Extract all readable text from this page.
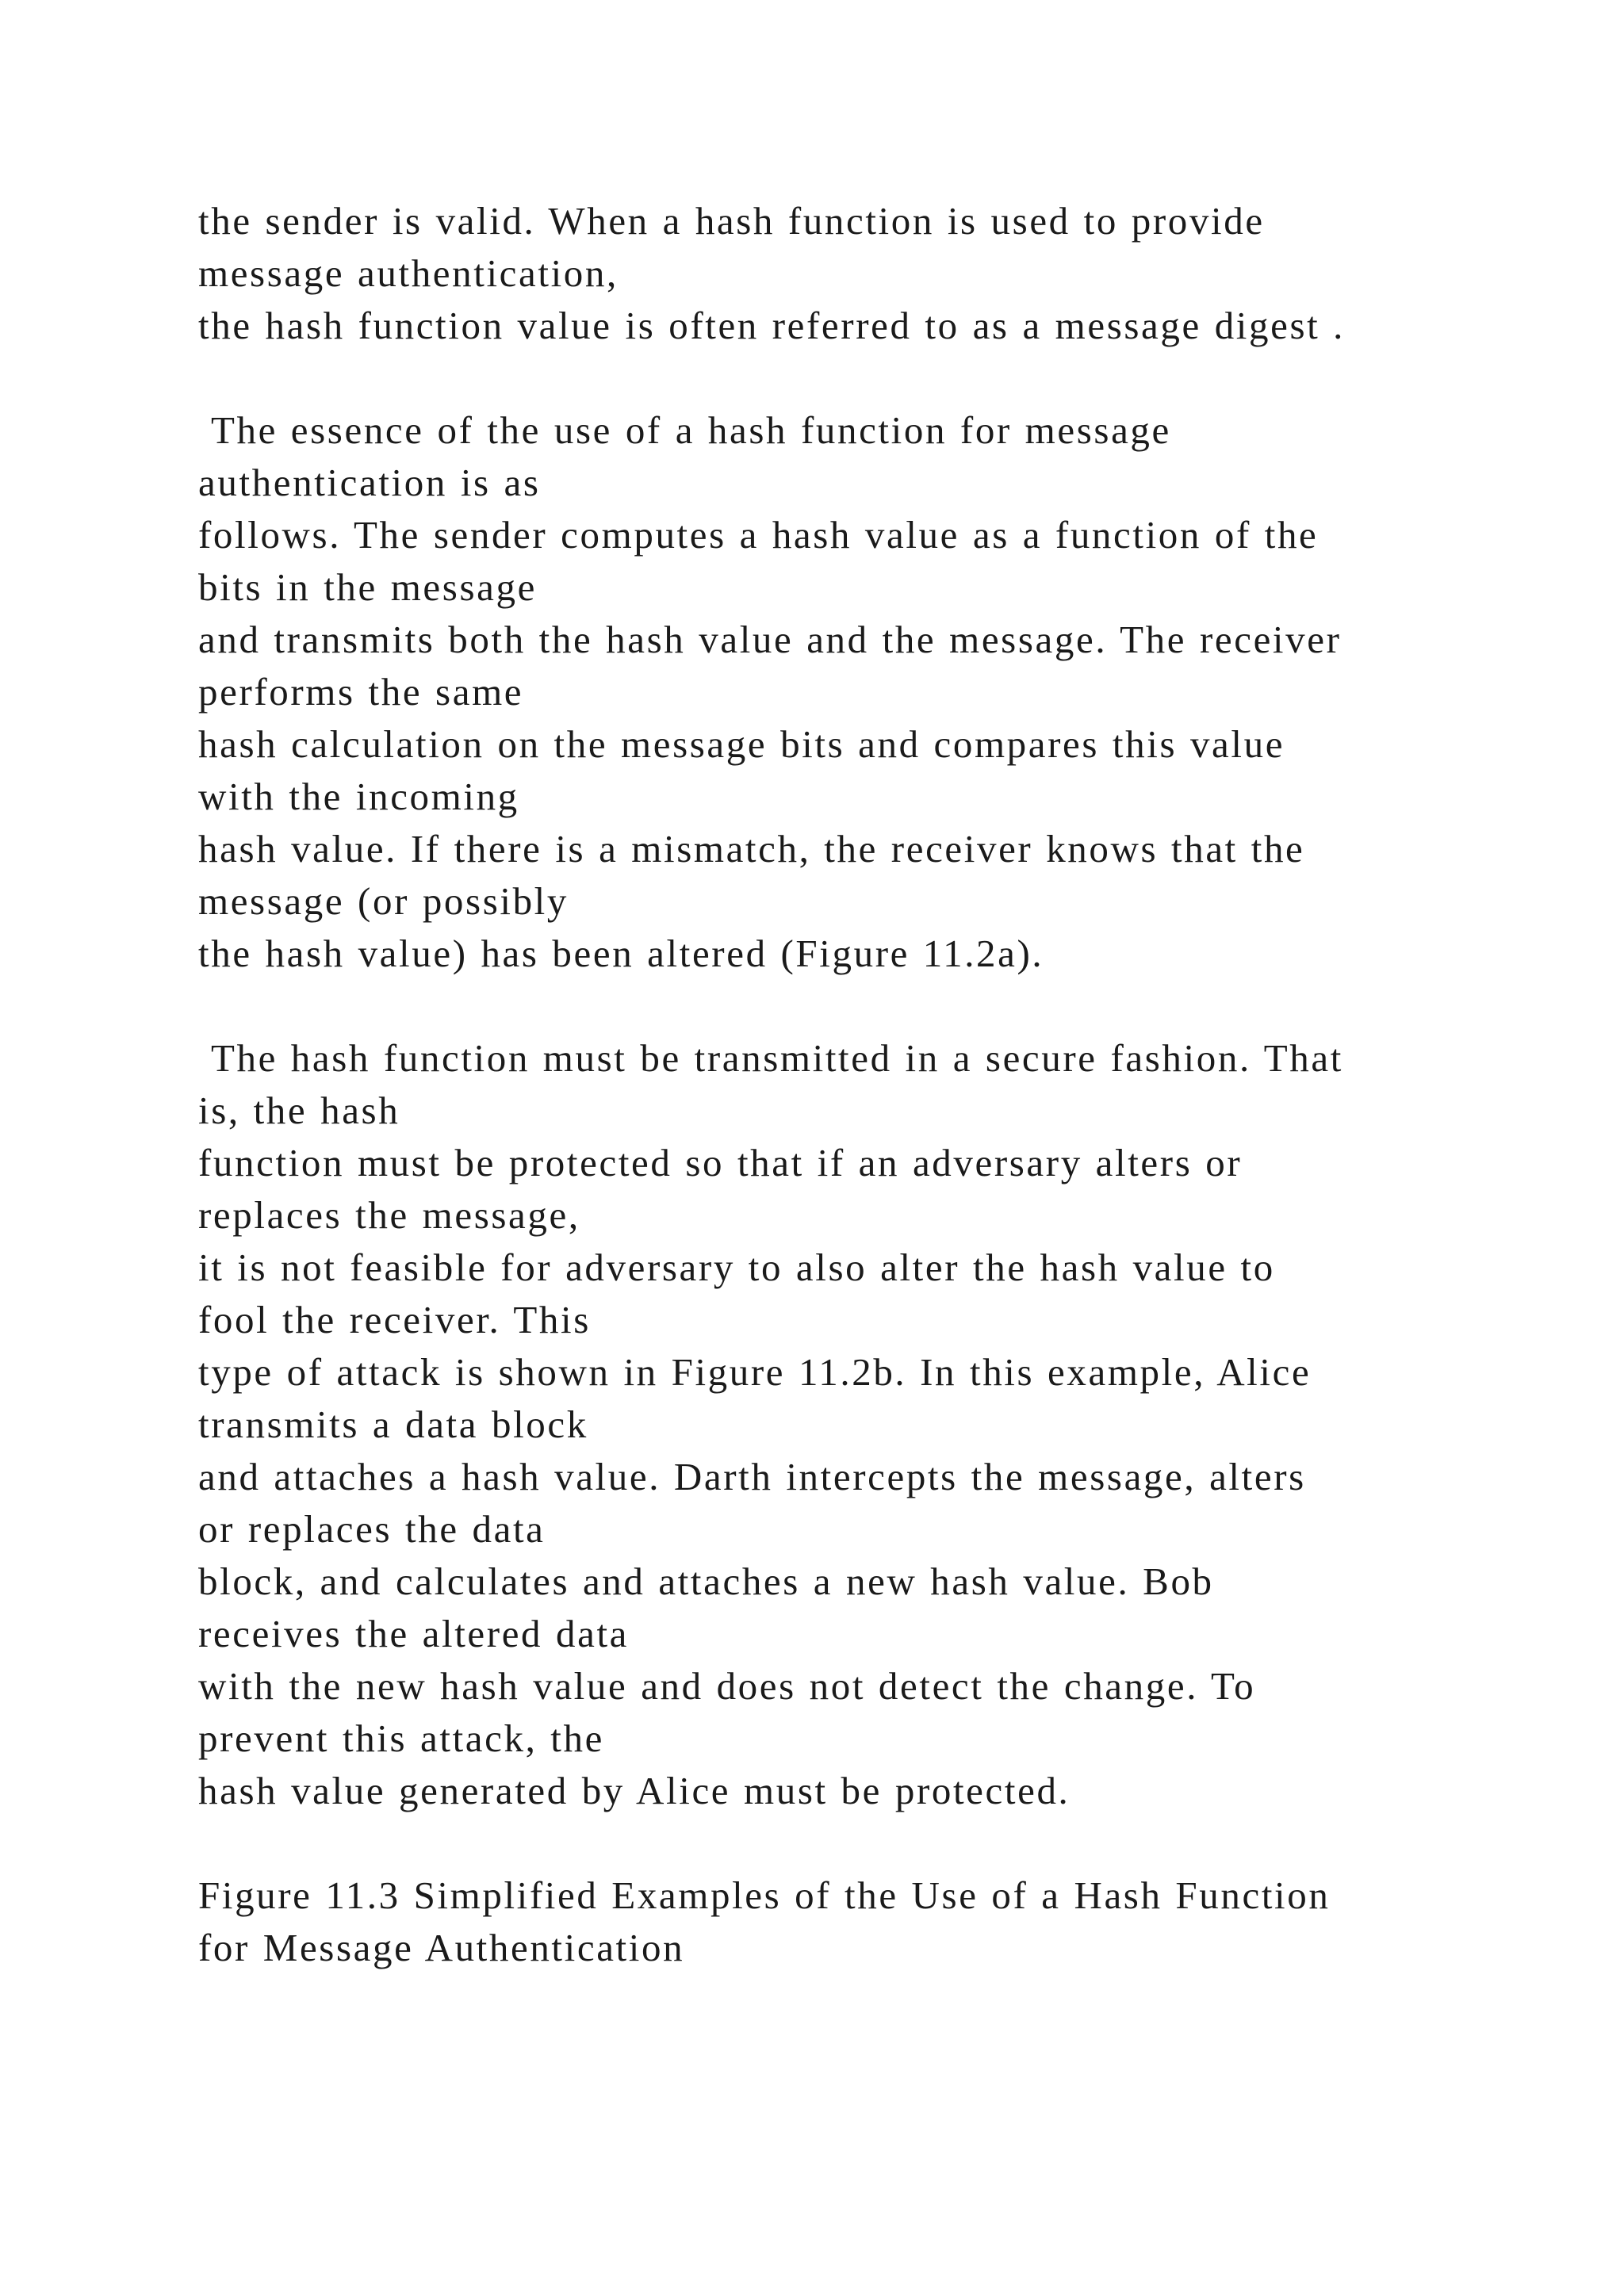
the sender is valid. When a hash function is used to provide
message authentication,
the hash function value is often referred to as a message digest .
The essence of the use of a hash function for message
authentication is as
follows. The sender computes a hash value as a function of the
bits in the message
and transmits both the hash value and the message. The receiver
performs the same
hash calculation on the message bits and compares this value
with the incoming
hash value. If there is a mismatch, the receiver knows that the
message (or possibly
the hash value) has been altered (Figure 11.2a).
The hash function must be transmitted in a secure fashion. That
is, the hash
function must be protected so that if an adversary alters or
replaces the message,
it is not feasible for adversary to also alter the hash value to
fool the receiver. This
type of attack is shown in Figure 11.2b. In this example, Alice
transmits a data block
and attaches a hash value. Darth intercepts the message, alters
or replaces the data
block, and calculates and attaches a new hash value. Bob
receives the altered data
with the new hash value and does not detect the change. To
prevent this attack, the
hash value generated by Alice must be protected.
Figure 11.3 Simplified Examples of the Use of a Hash Function
for Message Authentication
